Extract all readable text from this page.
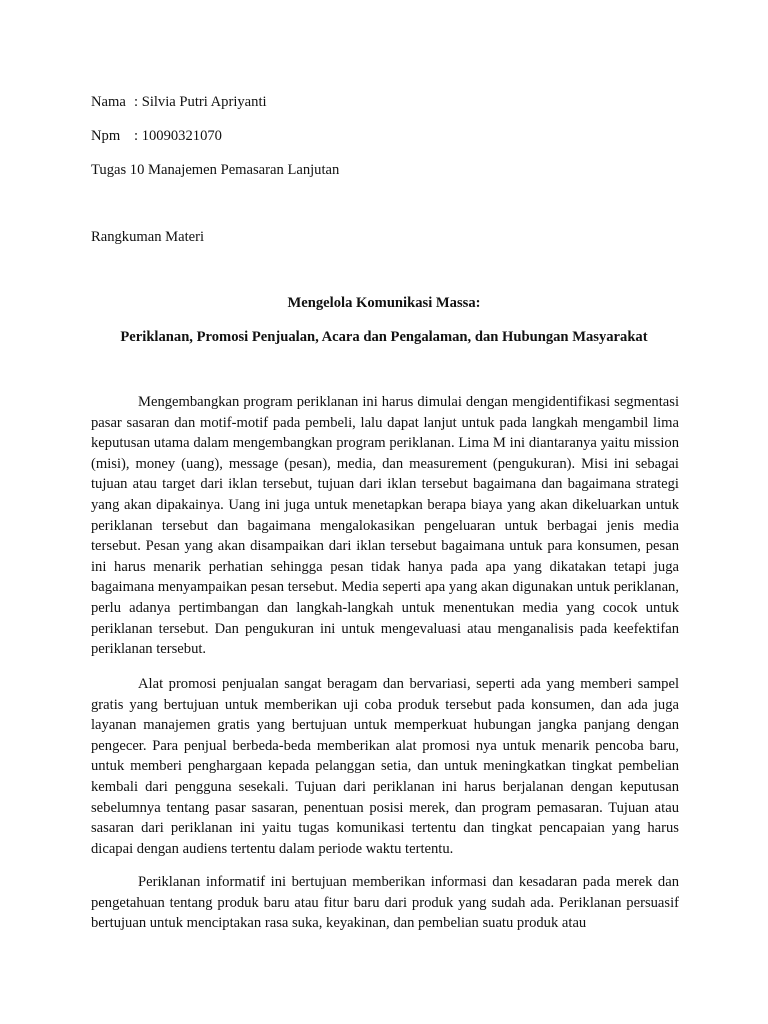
Nama : Silvia Putri Apriyanti
Npm : 10090321070
Tugas 10 Manajemen Pemasaran Lanjutan
Rangkuman Materi
Mengelola Komunikasi Massa:
Periklanan, Promosi Penjualan, Acara dan Pengalaman, dan Hubungan Masyarakat

Mengembangkan program periklanan ini harus dimulai dengan mengidentifikasi segmentasi pasar sasaran dan motif-motif pada pembeli, lalu dapat lanjut untuk pada langkah mengambil lima keputusan utama dalam mengembangkan program periklanan. Lima M ini diantaranya yaitu mission (misi), money (uang), message (pesan), media, dan measurement (pengukuran). Misi ini sebagai tujuan atau target dari iklan tersebut, tujuan dari iklan tersebut bagaimana dan bagaimana strategi yang akan dipakainya. Uang ini juga untuk menetapkan berapa biaya yang akan dikeluarkan untuk periklanan tersebut dan bagaimana mengalokasikan pengeluaran untuk berbagai jenis media tersebut. Pesan yang akan disampaikan dari iklan tersebut bagaimana untuk para konsumen, pesan ini harus menarik perhatian sehingga pesan tidak hanya pada apa yang dikatakan tetapi juga bagaimana menyampaikan pesan tersebut. Media seperti apa yang akan digunakan untuk periklanan, perlu adanya pertimbangan dan langkah-langkah untuk menentukan media yang cocok untuk periklanan tersebut. Dan pengukuran ini untuk mengevaluasi atau menganalisis pada keefektifan periklanan tersebut.

Alat promosi penjualan sangat beragam dan bervariasi, seperti ada yang memberi sampel gratis yang bertujuan untuk memberikan uji coba produk tersebut pada konsumen, dan ada juga layanan manajemen gratis yang bertujuan untuk memperkuat hubungan jangka panjang dengan pengecer. Para penjual berbeda-beda memberikan alat promosi nya untuk menarik pencoba baru, untuk memberi penghargaan kepada pelanggan setia, dan untuk meningkatkan tingkat pembelian kembali dari pengguna sesekali. Tujuan dari periklanan ini harus berjalanan dengan keputusan sebelumnya tentang pasar sasaran, penentuan posisi merek, dan program pemasaran. Tujuan atau sasaran dari periklanan ini yaitu tugas komunikasi tertentu dan tingkat pencapaian yang harus dicapai dengan audiens tertentu dalam periode waktu tertentu.

Periklanan informatif ini bertujuan memberikan informasi dan kesadaran pada merek dan pengetahuan tentang produk baru atau fitur baru dari produk yang sudah ada. Periklanan persuasif bertujuan untuk menciptakan rasa suka, keyakinan, dan pembelian suatu produk atau
